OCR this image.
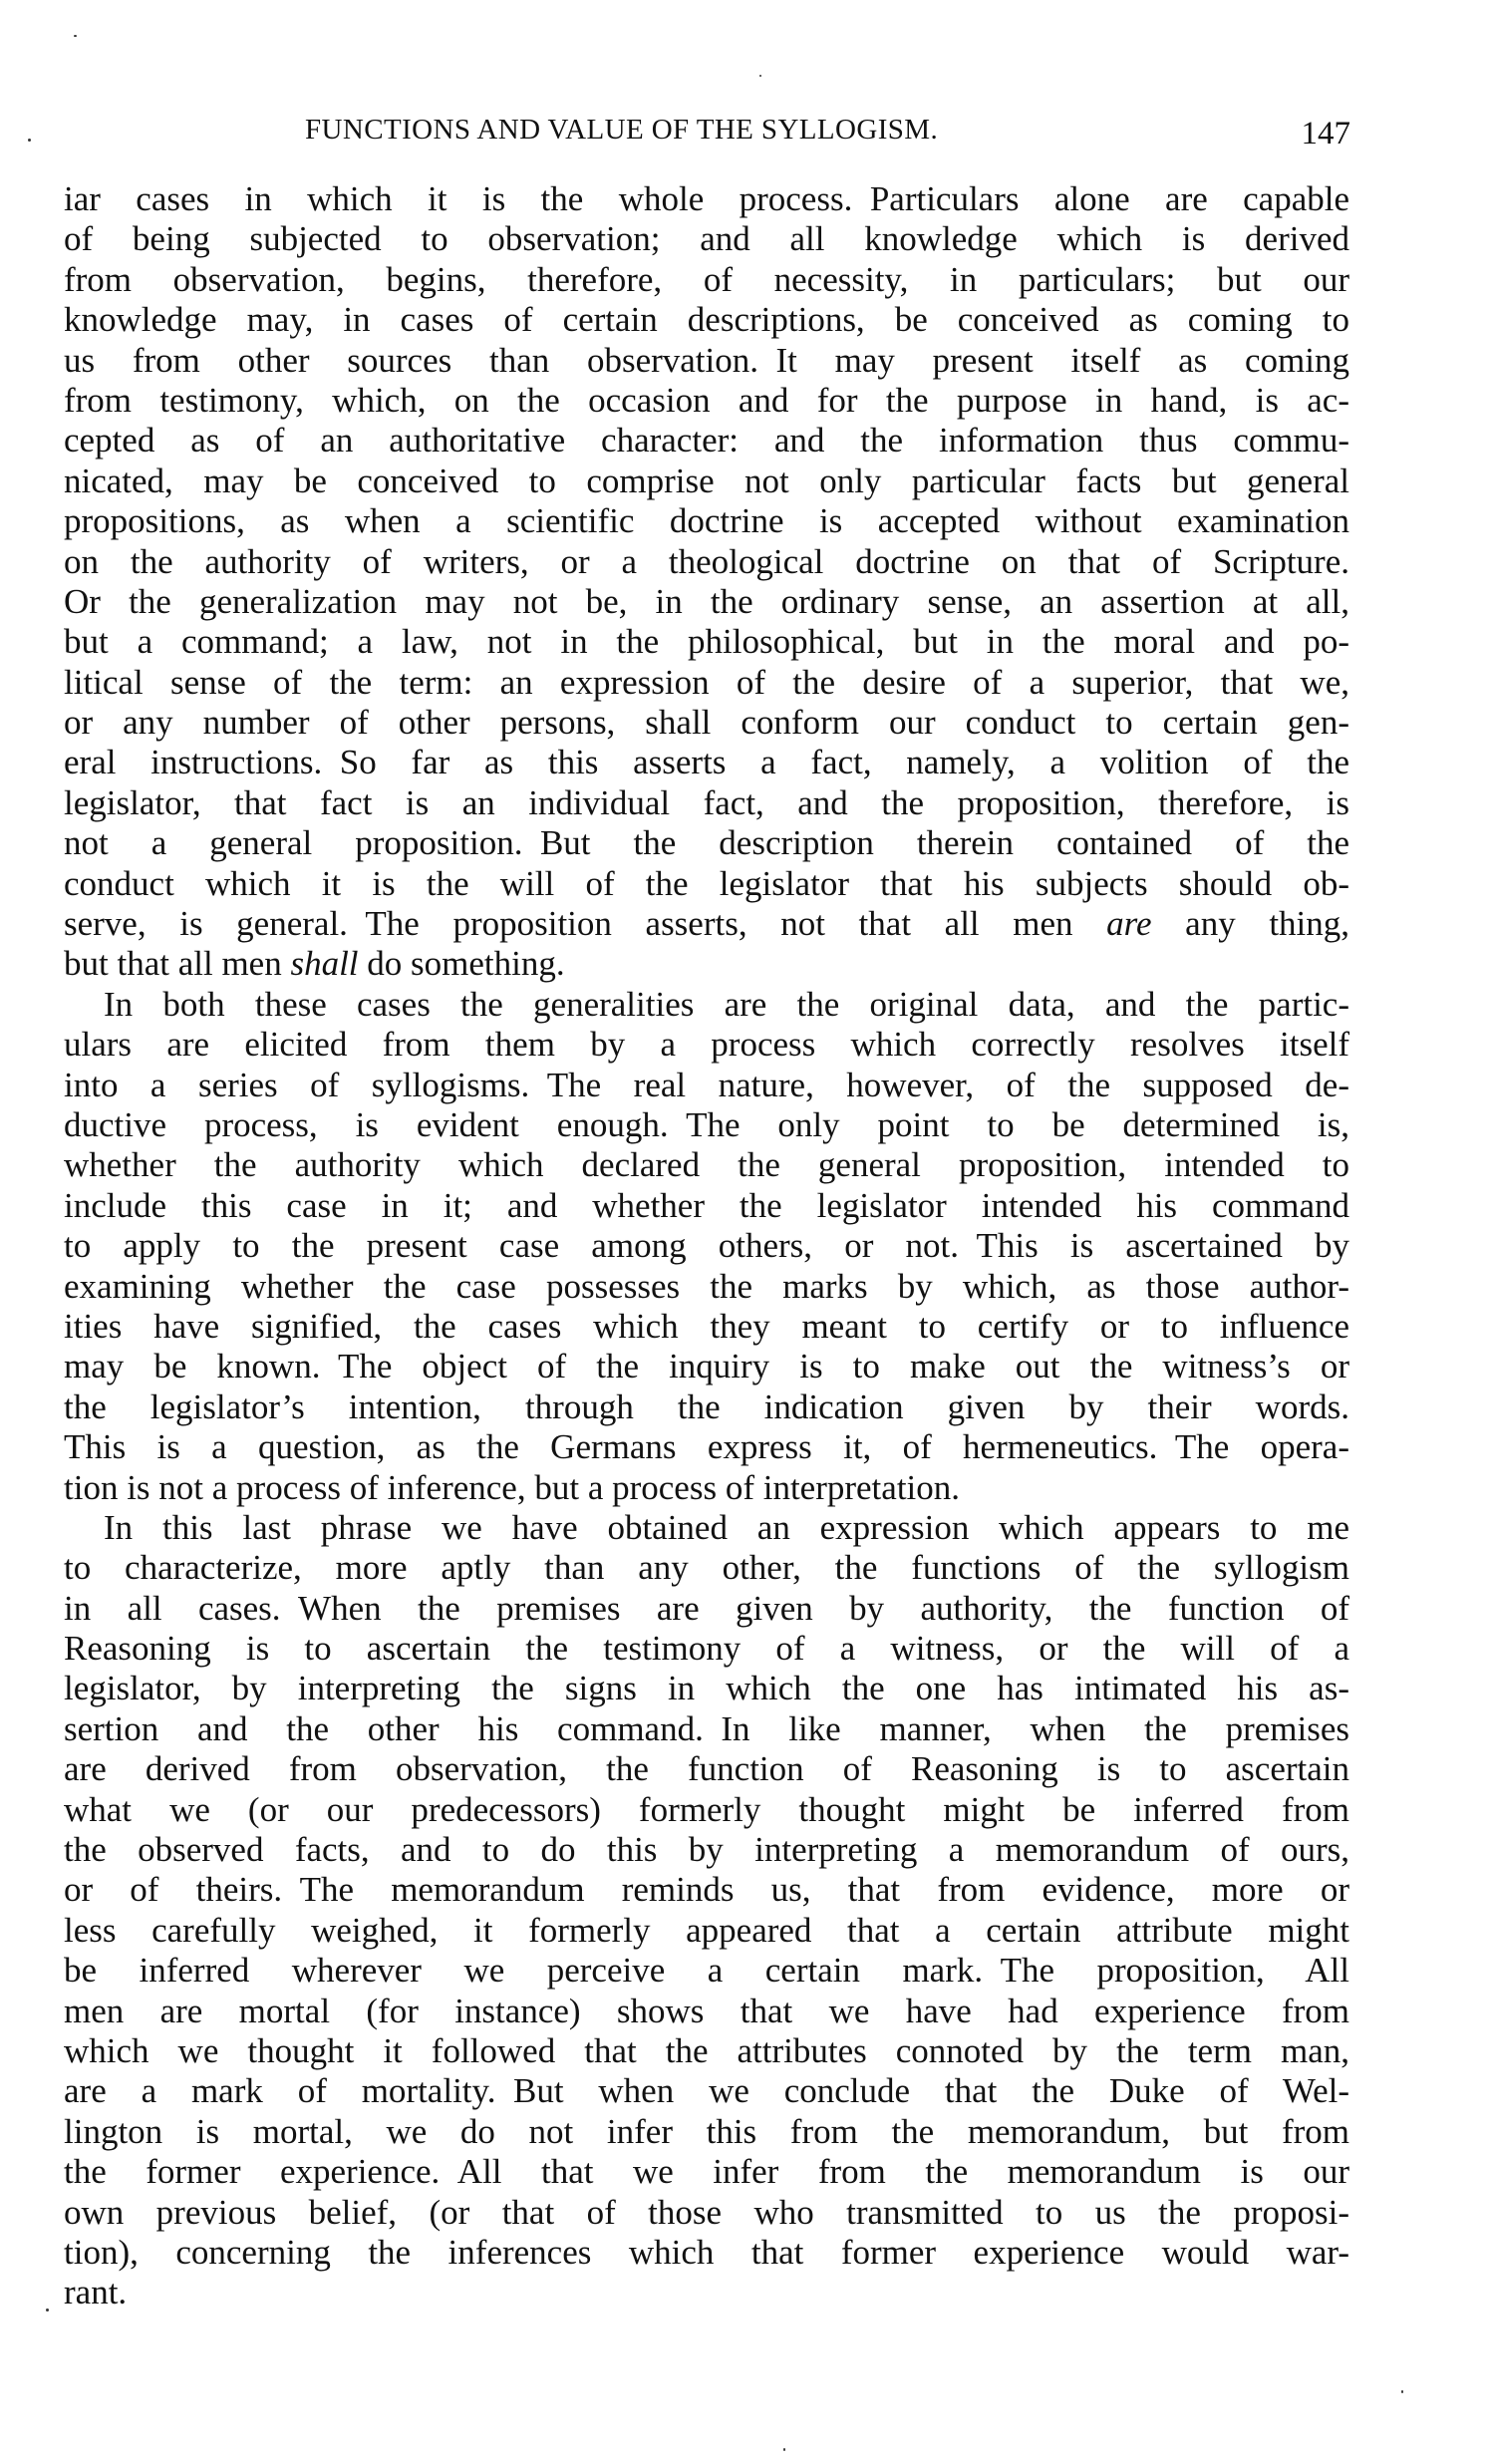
FUNCTIONS AND VALUE OF THE SYLLOGISM.	147
iar cases in which it is the whole process. Particulars alone are capable
of being subjected to observation; and all knowledge which is derived
from observation, begins, therefore, of necessity, in particulars; but our
knowledge may, in cases of certain descriptions, be conceived as coming to
us from other sources than observation. It may present itself as coming
from testimony, which, on the occasion and for the purpose in hand, is ac-
cepted as of an authoritative character: and the information thus commu-
nicated, may be conceived to comprise not only particular facts but general
propositions, as when a scientific doctrine is accepted without examination
on the authority of writers, or a theological doctrine on that of Scripture.
Or the generalization may not be, in the ordinary sense, an assertion at all,
but a command; a law, not in the philosophical, but in the moral and po-
litical sense of the term: an expression of the desire of a superior, that we,
or any number of other persons, shall conform our conduct to certain gen-
eral instructions. So far as this asserts a fact, namely, a volition of the
legislator, that fact is an individual fact, and the proposition, therefore, is
not a general proposition. But the description therein contained of the
conduct which it is the will of the legislator that his subjects should ob-
serve, is general. The proposition asserts, not that all men are any thing,
but that all men shall do something.
In both these cases the generalities are the original data, and the partic-
ulars are elicited from them by a process which correctly resolves itself
into a series of syllogisms. The real nature, however, of the supposed de-
ductive process, is evident enough. The only point to be determined is,
whether the authority which declared the general proposition, intended to
include this case in it; and whether the legislator intended his command
to apply to the present case among others, or not. This is ascertained by
examining whether the case possesses the marks by which, as those author-
ities have signified, the cases which they meant to certify or to influence
may be known. The object of the inquiry is to make out the witness’s or
the legislator’s intention, through the indication given by their words.
This is a question, as the Germans express it, of hermeneutics. The opera-
tion is not a process of inference, but a process of interpretation.
In this last phrase we have obtained an expression which appears to me
to characterize, more aptly than any other, the functions of the syllogism
in all cases. When the premises are given by authority, the function of
Reasoning is to ascertain the testimony of a witness, or the will of a
legislator, by interpreting the signs in which the one has intimated his as-
sertion and the other his command. In like manner, when the premises
are derived from observation, the function of Reasoning is to ascertain
what we (or our predecessors) formerly thought might be inferred from
the observed facts, and to do this by interpreting a memorandum of ours,
or of theirs. The memorandum reminds us, that from evidence, more or
less carefully weighed, it formerly appeared that a certain attribute might
be inferred wherever we perceive a certain mark. The proposition, All
men are mortal (for instance) shows that we have had experience from
which we thought it followed that the attributes connoted by the term man,
are a mark of mortality. But when we conclude that the Duke of Wel-
lington is mortal, we do not infer this from the memorandum, but from
the former experience. All that we infer from the memorandum is our
own previous belief, (or that of those who transmitted to us the proposi-
tion), concerning the inferences which that former experience would war-
rant.
